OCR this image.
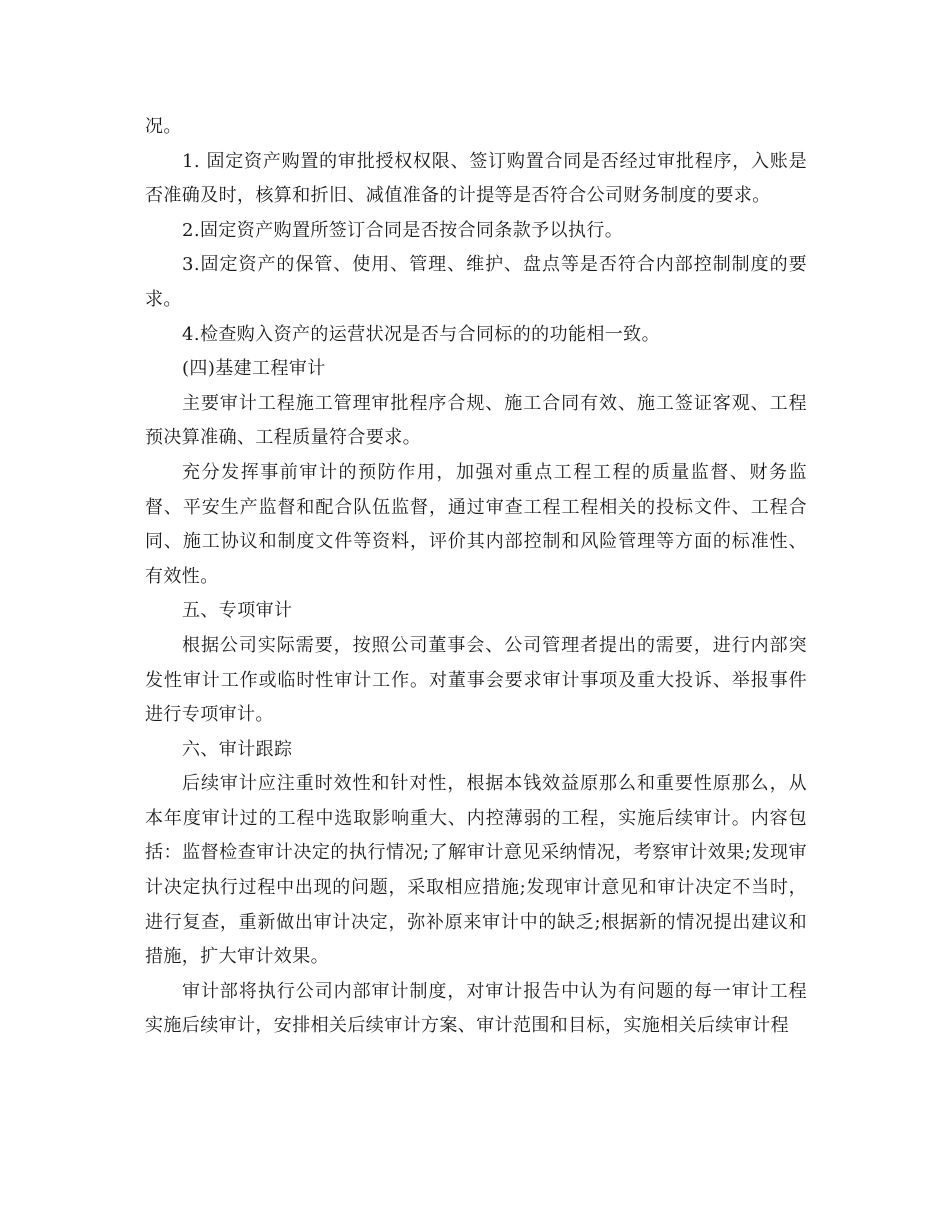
况。

1. 固定资产购置的审批授权权限、签订购置合同是否经过审批程序，入账是否准确及时，核算和折旧、减值准备的计提等是否符合公司财务制度的要求。

2.固定资产购置所签订合同是否按合同条款予以执行。

3.固定资产的保管、使用、管理、维护、盘点等是否符合内部控制制度的要求。

4.检查购入资产的运营状况是否与合同标的的功能相一致。

(四)基建工程审计

主要审计工程施工管理审批程序合规、施工合同有效、施工签证客观、工程预决算准确、工程质量符合要求。

充分发挥事前审计的预防作用，加强对重点工程工程的质量监督、财务监督、平安生产监督和配合队伍监督，通过审查工程工程相关的投标文件、工程合同、施工协议和制度文件等资料，评价其内部控制和风险管理等方面的标准性、有效性。

五、专项审计

根据公司实际需要，按照公司董事会、公司管理者提出的需要，进行内部突发性审计工作或临时性审计工作。对董事会要求审计事项及重大投诉、举报事件进行专项审计。

六、审计跟踪

后续审计应注重时效性和针对性，根据本钱效益原那么和重要性原那么，从本年度审计过的工程中选取影响重大、内控薄弱的工程，实施后续审计。内容包括：监督检查审计决定的执行情况;了解审计意见采纳情况，考察审计效果;发现审计决定执行过程中出现的问题，采取相应措施;发现审计意见和审计决定不当时，进行复查，重新做出审计决定，弥补原来审计中的缺乏;根据新的情况提出建议和措施，扩大审计效果。

审计部将执行公司内部审计制度，对审计报告中认为有问题的每一审计工程实施后续审计，安排相关后续审计方案、审计范围和目标，实施相关后续审计程
